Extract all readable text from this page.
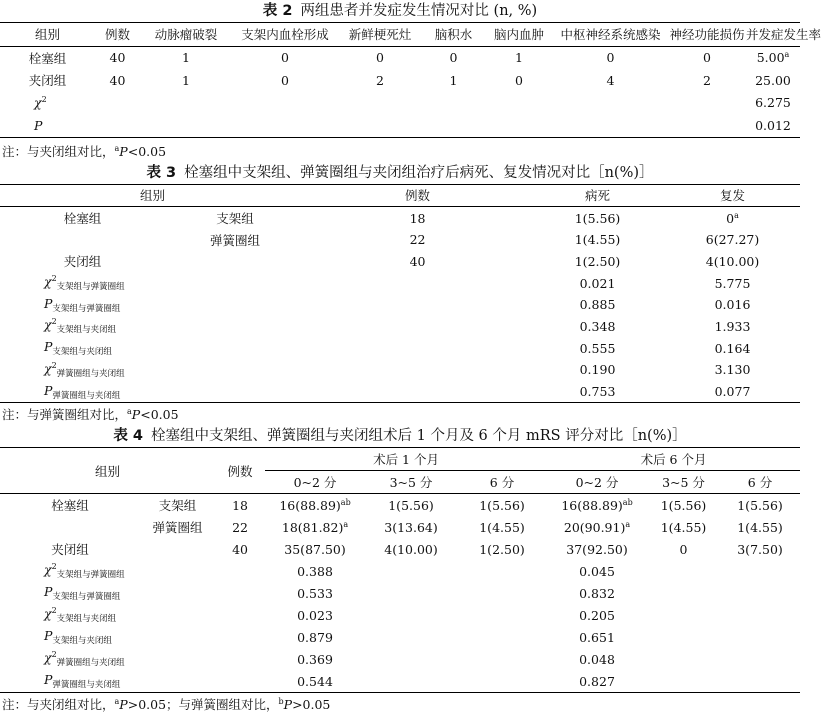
表 2 两组患者并发症发生情况对比 (n, %)
组别	例数	动脉瘤破裂	支架内血栓形成	新鲜梗死灶	脑积水	脑内血肿	中枢神经系统感染	神经功能损伤	并发症发生率
栓塞组	40	1	0	0	0	1	0	0	5.00$^a$
夹闭组	40	1	0	2	1	0	4	2	25.00
$\chi^2$									6.275
P									0.012
注：与夹闭组对比，$^a$P<0.05
表 3 栓塞组中支架组、弹簧圈组与夹闭组治疗后病死、复发情况对比［n(%)］
组别		例数	病死	复发
栓塞组	支架组	18	1(5.56)	0$^a$
	弹簧圈组	22	1(4.55)	6(27.27)
夹闭组		40	1(2.50)	4(10.00)
$\chi^2_{支架组与弹簧圈组}$			0.021	5.775
$P_{支架组与弹簧圈组}$			0.885	0.016
$\chi^2_{支架组与夹闭组}$			0.348	1.933
$P_{支架组与夹闭组}$			0.555	0.164
$\chi^2_{弹簧圈组与夹闭组}$			0.190	3.130
$P_{弹簧圈组与夹闭组}$			0.753	0.077
注：与弹簧圈组对比，$^a$P<0.05
表 4 栓塞组中支架组、弹簧圈组与夹闭组术后 1 个月及 6 个月 mRS 评分对比［n(%)］
组别		例数	术后 1 个月			术后 6 个月		
			0~2 分	3~5 分	6 分	0~2 分	3~5 分	6 分
栓塞组	支架组	18	$16(88.89)^{ab}$	1(5.56)	1(5.56)	$16(88.89)^{ab}$	1(5.56)	1(5.56)
	弹簧圈组	22	$18(81.82)^a$	3(13.64)	1(4.55)	$20(90.91)^a$	1(4.55)	1(4.55)
夹闭组		40	35(87.50)	4(10.00)	1(2.50)	37(92.50)	0	3(7.50)
$\chi^2_{支架组与弹簧圈组}$			0.388			0.045		
$P_{支架组与弹簧圈组}$			0.533			0.832		
$\chi^2_{支架组与夹闭组}$			0.023			0.205		
$P_{支架组与夹闭组}$			0.879			0.651		
$\chi^2_{弹簧圈组与夹闭组}$			0.369			0.048		
$P_{弹簧圈组与夹闭组}$			0.544			0.827		
注：与夹闭组对比，$^a$P>0.05；与弹簧圈组对比，$^b$P>0.05
